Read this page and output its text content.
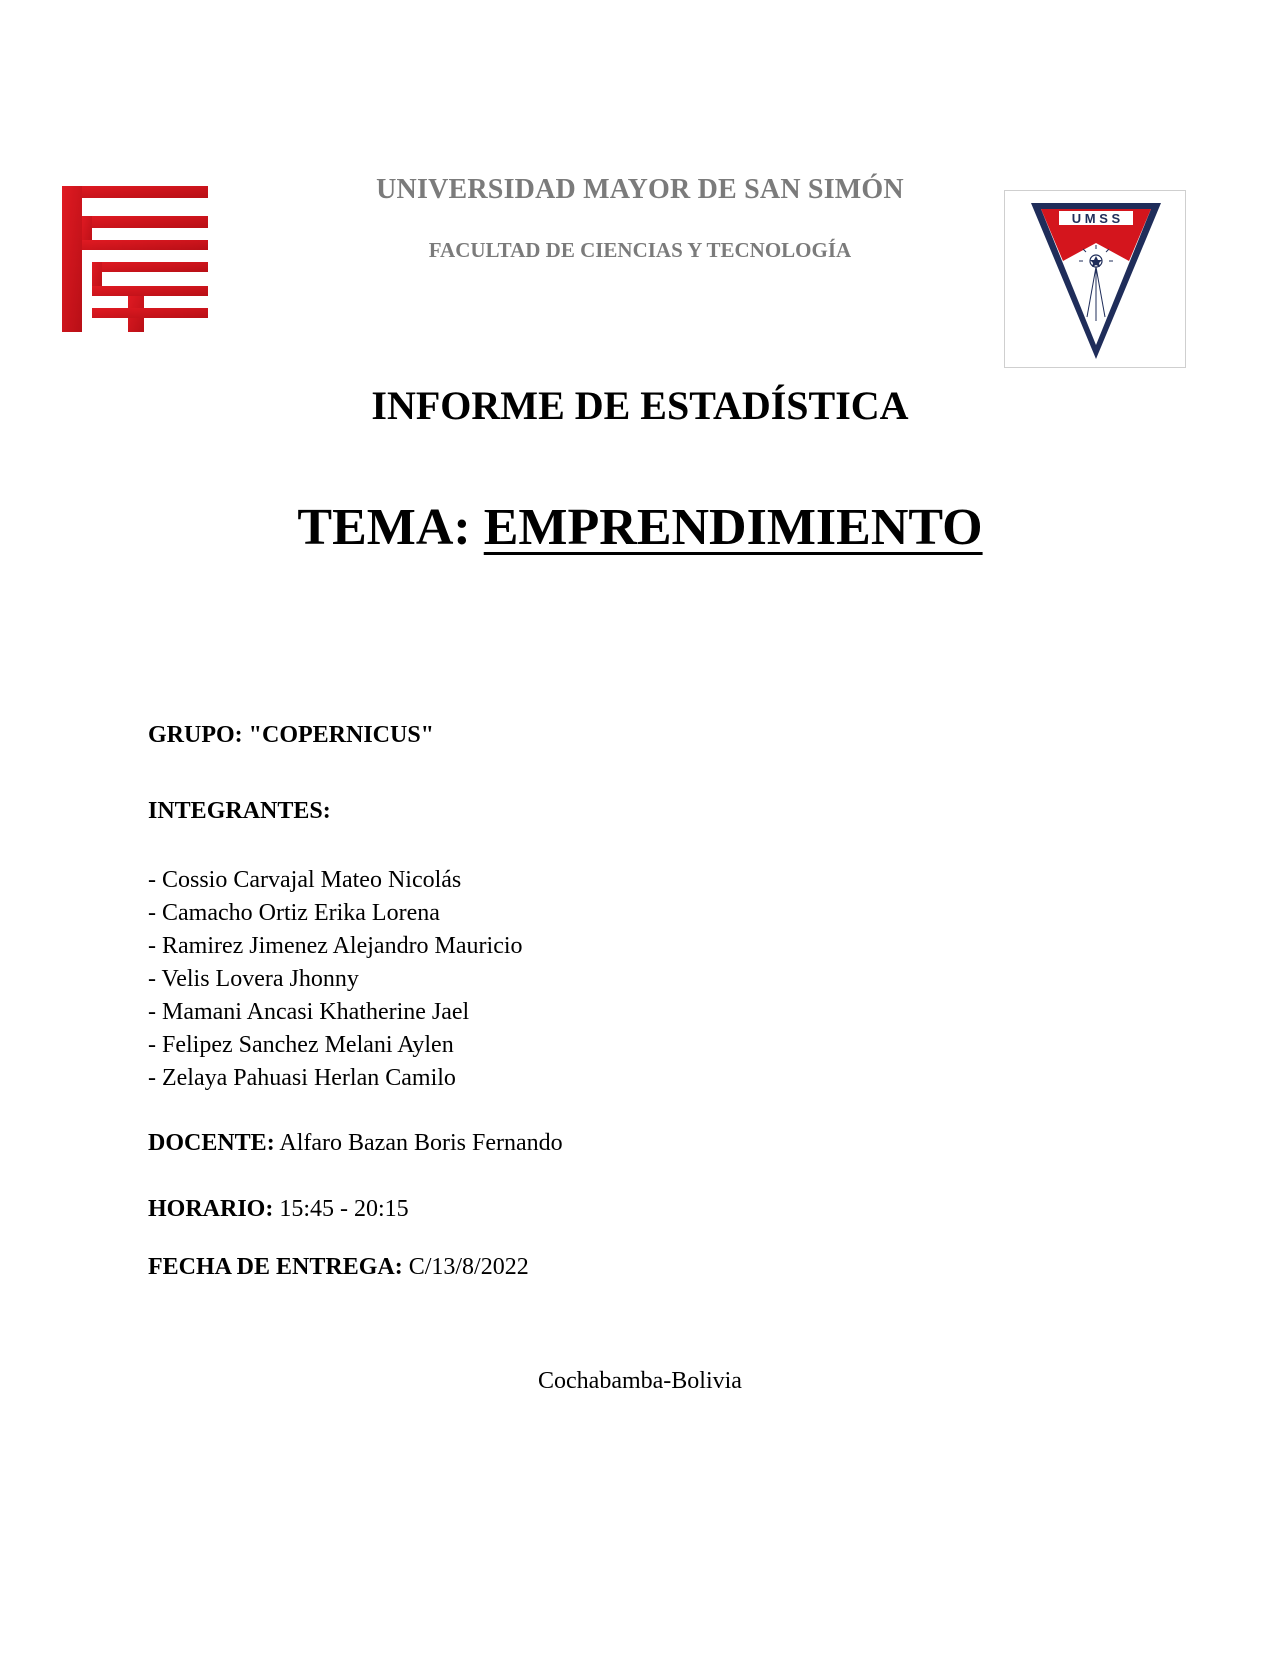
UNIVERSIDAD MAYOR DE SAN SIMÓN
FACULTAD DE CIENCIAS Y TECNOLOGÍA
U M S S
INFORME DE ESTADÍSTICA
TEMA: EMPRENDIMIENTO
GRUPO: "COPERNICUS"
INTEGRANTES:
- Cossio Carvajal Mateo Nicolás
- Camacho Ortiz Erika Lorena
- Ramirez Jimenez Alejandro Mauricio
- Velis Lovera Jhonny
- Mamani Ancasi Khatherine Jael
- Felipez Sanchez Melani Aylen
- Zelaya Pahuasi Herlan Camilo
DOCENTE: Alfaro Bazan Boris Fernando
HORARIO: 15:45 - 20:15
FECHA DE ENTREGA: C/13/8/2022
Cochabamba-Bolivia
